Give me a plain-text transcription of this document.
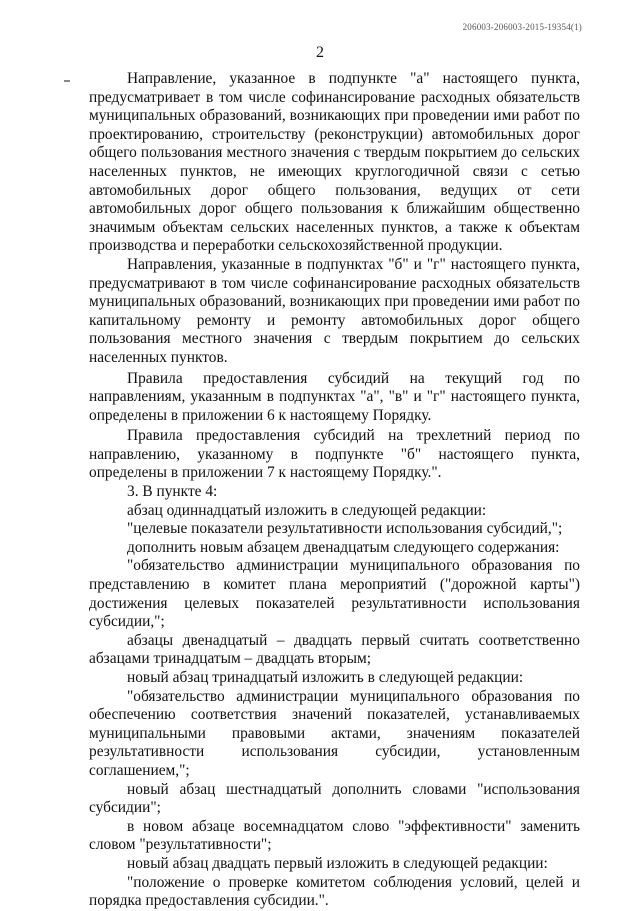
206003-206003-2015-19354(1)
2

Направление, указанное в подпункте "а" настоящего пункта, предусматривает в том числе софинансирование расходных обязательств муниципальных образований, возникающих при проведении ими работ по проектированию, строительству (реконструкции) автомобильных дорог общего пользования местного значения с твердым покрытием до сельских населенных пунктов, не имеющих круглогодичной связи с сетью автомобильных дорог общего пользования, ведущих от сети автомобильных дорог общего пользования к ближайшим общественно значимым объектам сельских населенных пунктов, а также к объектам производства и переработки сельскохозяйственной продукции.

Направления, указанные в подпунктах "б" и "г" настоящего пункта, предусматривают в том числе софинансирование расходных обязательств муниципальных образований, возникающих при проведении ими работ по капитальному ремонту и ремонту автомобильных дорог общего пользования местного значения с твердым покрытием до сельских населенных пунктов.

Правила предоставления субсидий на текущий год по направлениям, указанным в подпунктах "а", "в" и "г" настоящего пункта, определены в приложении 6 к настоящему Порядку.

Правила предоставления субсидий на трехлетний период по направлению, указанному в подпункте "б" настоящего пункта, определены в приложении 7 к настоящему Порядку.".

3. В пункте 4:

абзац одиннадцатый изложить в следующей редакции:

"целевые показатели результативности использования субсидий,";

дополнить новым абзацем двенадцатым следующего содержания:

"обязательство администрации муниципального образования по представлению в комитет плана мероприятий ("дорожной карты") достижения целевых показателей результативности использования субсидии,";

абзацы двенадцатый – двадцать первый считать соответственно абзацами тринадцатым – двадцать вторым;

новый абзац тринадцатый изложить в следующей редакции:

"обязательство администрации муниципального образования по обеспечению соответствия значений показателей, устанавливаемых муниципальными правовыми актами, значениям показателей результативности использования субсидии, установленным соглашением,";

новый абзац шестнадцатый дополнить словами "использования субсидии";

в новом абзаце восемнадцатом слово "эффективности" заменить словом "результативности";

новый абзац двадцать первый изложить в следующей редакции:

"положение о проверке комитетом соблюдения условий, целей и порядка предоставления субсидии.".
